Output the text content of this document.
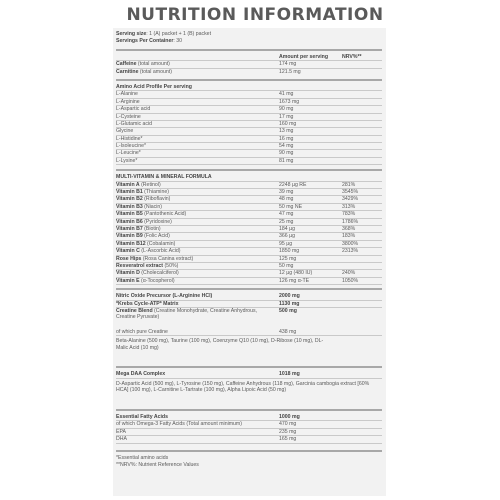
NUTRITION INFORMATION
Serving size: 1 (A) packet + 1 (B) packet
Servings Per Container: 30
Amount per serving	NRV%**
Caffeine (total amount)	174 mg
Carnitine (total amount)	121.5 mg
Amino Acid Profile Per serving
L-Alanine	41 mg
L-Arginine	1673 mg
L-Aspartic acid	90 mg
L-Cysteine	17 mg
L-Glutamic acid	160 mg
Glycine	13 mg
L-Histidine*	16 mg
L-Isoleucine*	54 mg
L-Leucine*	90 mg
L-Lysine*	81 mg
MULTI-VITAMIN & MINERAL FORMULA
Vitamin A (Retinol)	2248 µg RE	281%
Vitamin B1 (Thiamine)	39 mg	3545%
Vitamin B2 (Riboflavin)	48 mg	3429%
Vitamin B3 (Niacin)	50 mg NE	313%
Vitamin B5 (Pantothenic Acid)	47 mg	783%
Vitamin B6 (Pyridoxine)	25 mg	1786%
Vitamin B7 (Biotin)	184 µg	368%
Vitamin B9 (Folic Acid)	366 µg	183%
Vitamin B12 (Cobalamin)	95 µg	3800%
Vitamin C (L-Ascorbic Acid)	1850 mg	2313%
Rose Hips (Rosa Canina extract)	125 mg
Resveratrol extract (50%)	50 mg
Vitamin D (Cholecalciferol)	12 µg (480 IU)	240%
Vitamin E (α-Tocopherol)	126 mg α-TE	1050%
Nitric Oxide Precursor (L-Arginine HCl)	2000 mg
*Krebs Cycle-ATP* Matrix	1130 mg
Creatine Blend (Creatine Monohydrate, Creatine Anhydrous, Creatine Pyruvate)
500 mg
of which pure Creatine	438 mg
Beta-Alanine (500 mg), Taurine (100 mg), Coenzyme Q10 (10 mg), D-Ribose (10 mg), DL-Malic Acid (10 mg)
Mega DAA Complex	1018 mg
D-Aspartic Acid (500 mg), L-Tyrosine (150 mg), Caffeine Anhydrous (118 mg), Garcinia cambogia extract [60% HCA] (100 mg), L-Carnitine L-Tartrate (100 mg), Alpha Lipoic Acid (50 mg)
Essential Fatty Acids	1000 mg
of which Omega-3 Fatty Acids (Total amount minimum)	470 mg
EPA	235 mg
DHA	165 mg
*Essential amino acids
**NRV%: Nutrient Reference Values
